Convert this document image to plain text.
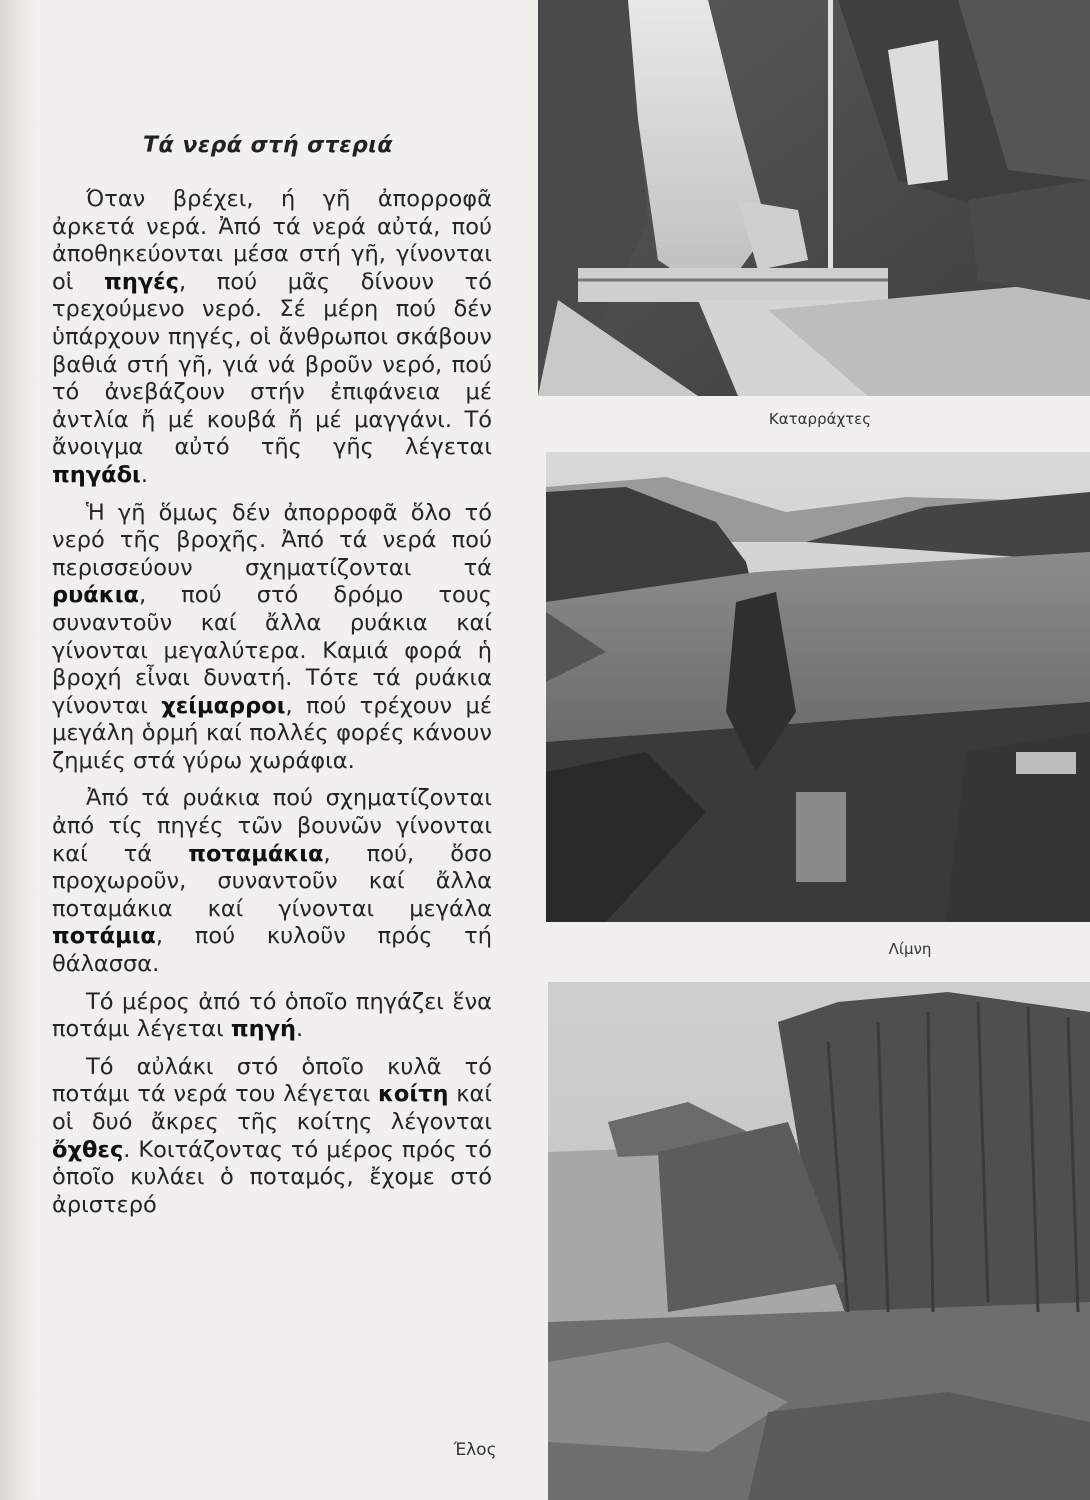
Τά νερά στή στεριά

Όταν βρέχει, ή γῆ ἀπορροφᾶ ἀρκετά νερά. Ἀπό τά νερά αὐτά, πού ἀποθηκεύονται μέσα στή γῆ, γίνονται οἱ πηγές, πού μᾶς δίνουν τό τρεχούμενο νερό. Σέ μέρη πού δέν ὑπάρχουν πηγές, οἱ ἄνθρωποι σκάβουν βαθιά στή γῆ, γιά νά βροῦν νερό, πού τό ἀνεβάζουν στήν ἐπιφάνεια μέ ἀντλία ἤ μέ κουβά ἤ μέ μαγγάνι. Τό ἄνοιγμα αὐτό τῆς γῆς λέγεται πηγάδι.

Ἡ γῆ ὅμως δέν ἀπορροφᾶ ὅλο τό νερό τῆς βροχῆς. Ἀπό τά νερά πού περισσεύουν σχηματίζονται τά ρυάκια, πού στό δρόμο τους συναντοῦν καί ἄλλα ρυάκια καί γίνονται μεγαλύτερα. Καμιά φορά ἡ βροχή εἶναι δυνατή. Τότε τά ρυάκια γίνονται χείμαρροι, πού τρέχουν μέ μεγάλη ὁρμή καί πολλές φορές κάνουν ζημιές στά γύρω χωράφια.

Ἀπό τά ρυάκια πού σχηματίζονται ἀπό τίς πηγές τῶν βουνῶν γίνονται καί τά ποταμάκια, πού, ὅσο προχωροῦν, συναντοῦν καί ἄλλα ποταμάκια καί γίνονται μεγάλα ποτάμια, πού κυλοῦν πρός τή θάλασσα.

Τό μέρος ἀπό τό ὁποῖο πηγάζει ἕνα ποτάμι λέγεται πηγή.

Τό αὐλάκι στό ὁποῖο κυλᾶ τό ποτάμι τά νερά του λέγεται κοίτη καί οἱ δυό ἄκρες τῆς κοίτης λέγονται ὄχθες. Κοιτάζοντας τό μέρος πρός τό ὁποῖο κυλάει ὁ ποταμός, ἔχομε στό ἀριστερό

Καταρράχτες
Λίμνη
Έλος
